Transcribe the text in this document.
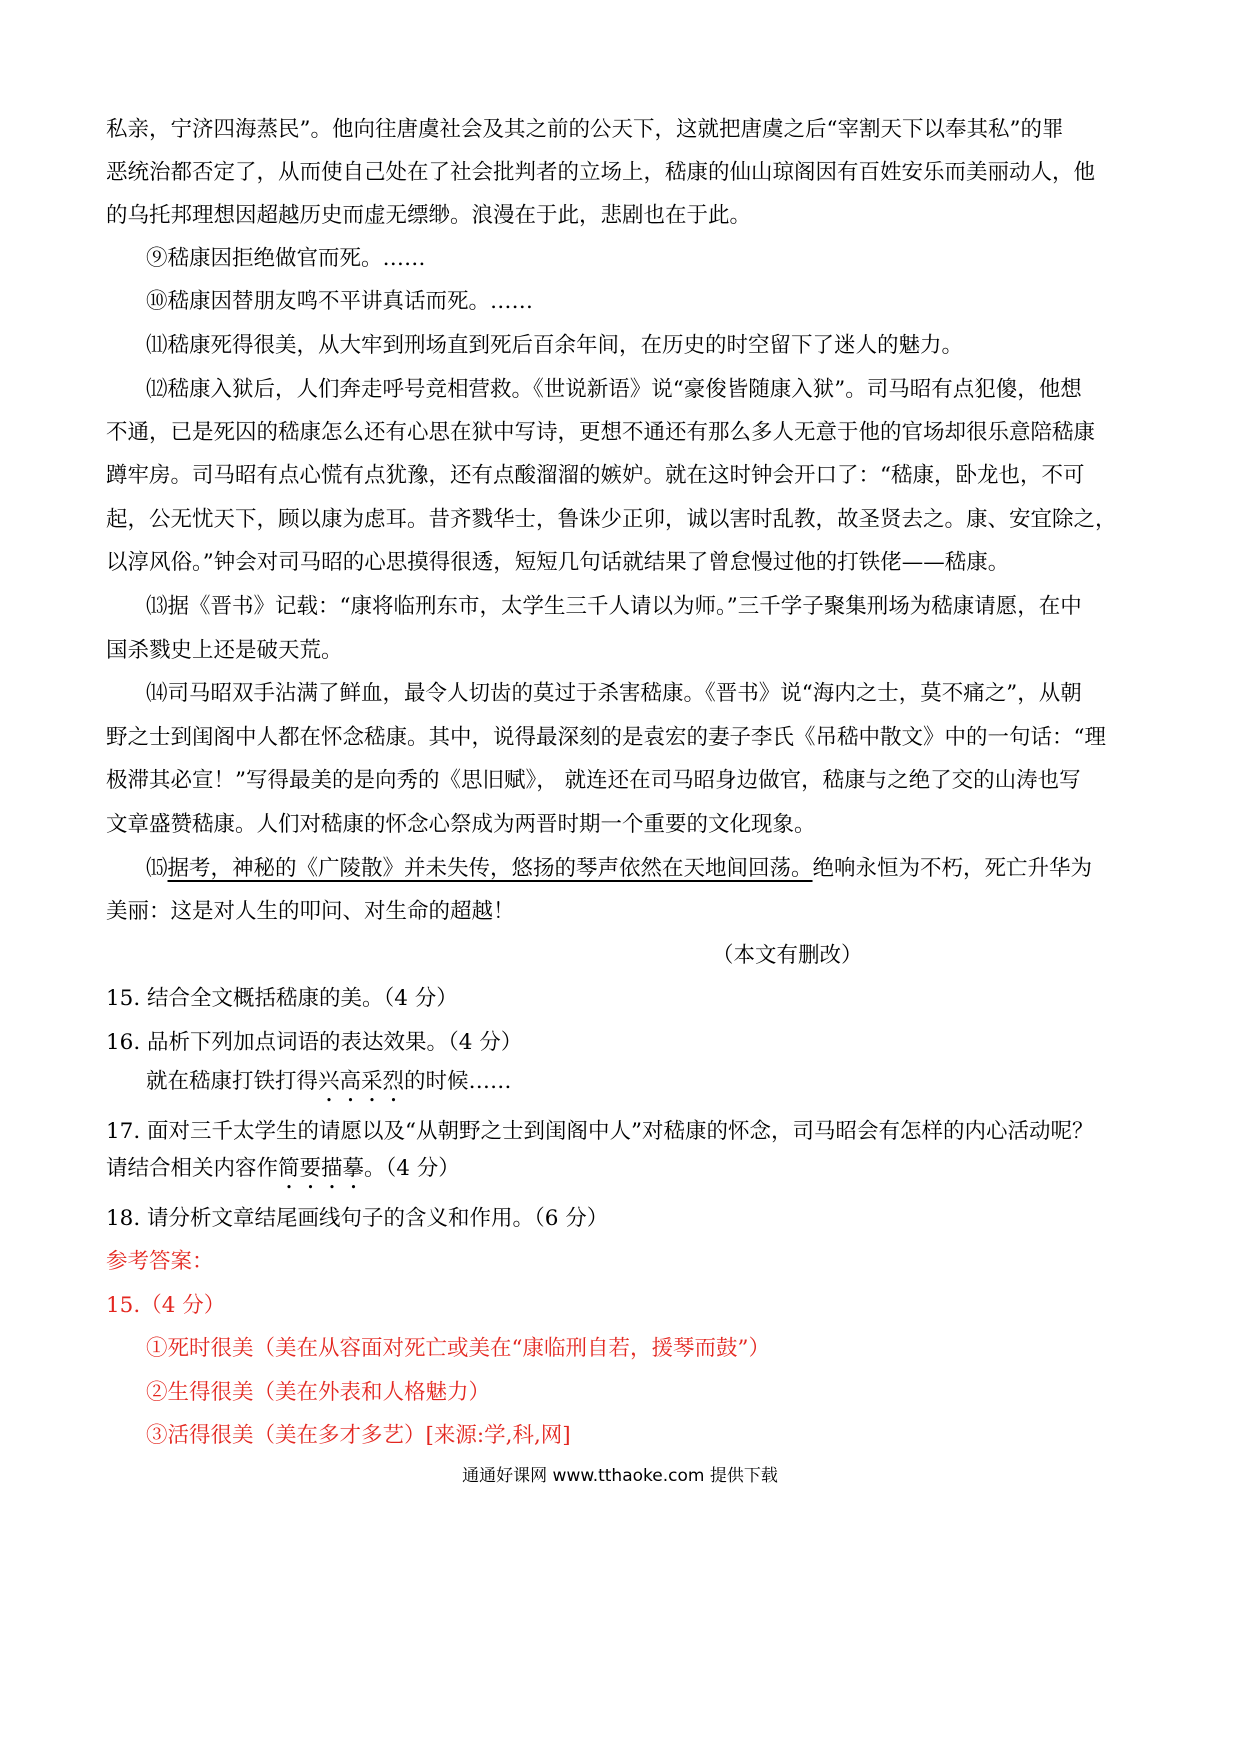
私亲，宁济四海蒸民”。他向往唐虞社会及其之前的公天下，这就把唐虞之后“宰割天下以奉其私”的罪
恶统治都否定了，从而使自己处在了社会批判者的立场上，嵇康的仙山琼阁因有百姓安乐而美丽动人，他
的乌托邦理想因超越历史而虚无缥缈。浪漫在于此，悲剧也在于此。
⑨嵇康因拒绝做官而死。……
⑩嵇康因替朋友鸣不平讲真话而死。……
⑾嵇康死得很美，从大牢到刑场直到死后百余年间，在历史的时空留下了迷人的魅力。
⑿嵇康入狱后，人们奔走呼号竞相营救。《世说新语》说“豪俊皆随康入狱”。司马昭有点犯傻，他想
不通，已是死囚的嵇康怎么还有心思在狱中写诗，更想不通还有那么多人无意于他的官场却很乐意陪嵇康
蹲牢房。司马昭有点心慌有点犹豫，还有点酸溜溜的嫉妒。就在这时钟会开口了：“嵇康，卧龙也，不可
起，公无忧天下，顾以康为虑耳。昔齐戮华士，鲁诛少正卯，诚以害时乱教，故圣贤去之。康、安宜除之，
以淳风俗。”钟会对司马昭的心思摸得很透，短短几句话就结果了曾怠慢过他的打铁佬——嵇康。
⒀据《晋书》记载：“康将临刑东市，太学生三千人请以为师。”三千学子聚集刑场为嵇康请愿，在中
国杀戮史上还是破天荒。
⒁司马昭双手沾满了鲜血，最令人切齿的莫过于杀害嵇康。《晋书》说“海内之士，莫不痛之”，从朝
野之士到闺阁中人都在怀念嵇康。其中，说得最深刻的是袁宏的妻子李氏《吊嵇中散文》中的一句话：“理
极滞其必宣！”写得最美的是向秀的《思旧赋》， 就连还在司马昭身边做官，嵇康与之绝了交的山涛也写
文章盛赞嵇康。人们对嵇康的怀念心祭成为两晋时期一个重要的文化现象。
⒂据考，神秘的《广陵散》并未失传，悠扬的琴声依然在天地间回荡。绝响永恒为不朽，死亡升华为
美丽：这是对人生的叩问、对生命的超越！
（本文有删改）
15. 结合全文概括嵇康的美。（4 分）
16. 品析下列加点词语的表达效果。（4 分）
就在嵇康打铁打得兴高采烈的时候……
17. 面对三千太学生的请愿以及“从朝野之士到闺阁中人”对嵇康的怀念，司马昭会有怎样的内心活动呢？
请结合相关内容作简要描摹。（4 分）
18. 请分析文章结尾画线句子的含义和作用。（6 分）
参考答案：
15.（4 分）
①死时很美（美在从容面对死亡或美在“康临刑自若，援琴而鼓”）
②生得很美（美在外表和人格魅力）
③活得很美（美在多才多艺）[来源:学,科,网]
通通好课网 www.tthaoke.com 提供下载
